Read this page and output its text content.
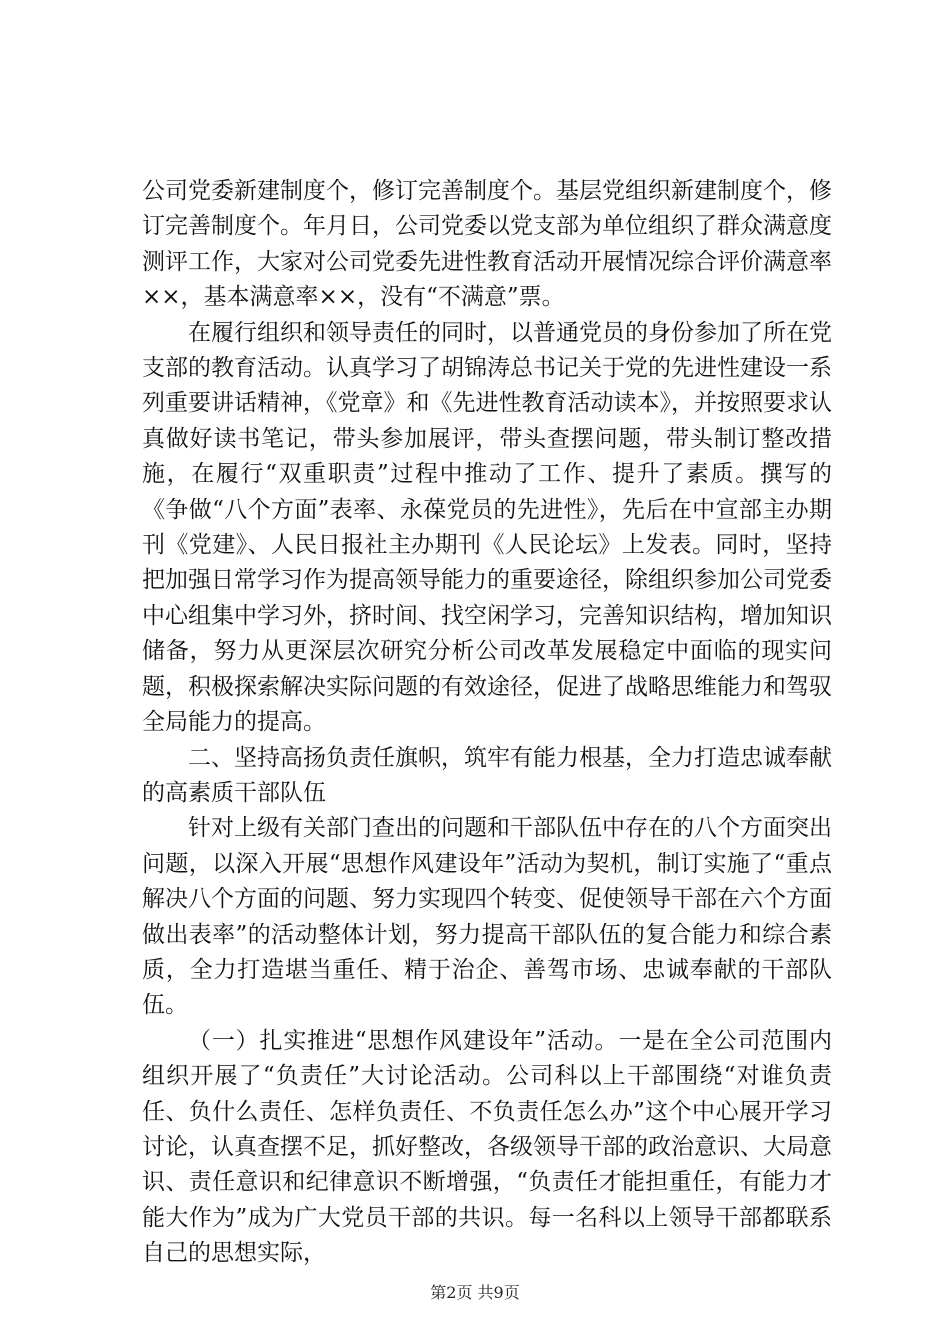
公司党委新建制度个，修订完善制度个。基层党组织新建制度个，修订完善制度个。年月日，公司党委以党支部为单位组织了群众满意度测评工作，大家对公司党委先进性教育活动开展情况综合评价满意率××，基本满意率××，没有“不满意”票。

在履行组织和领导责任的同时，以普通党员的身份参加了所在党支部的教育活动。认真学习了胡锦涛总书记关于党的先进性建设一系列重要讲话精神，《党章》和《先进性教育活动读本》，并按照要求认真做好读书笔记，带头参加展评，带头查摆问题，带头制订整改措施，在履行“双重职责”过程中推动了工作、提升了素质。撰写的《争做“八个方面”表率、永葆党员的先进性》，先后在中宣部主办期刊《党建》、人民日报社主办期刊《人民论坛》上发表。同时，坚持把加强日常学习作为提高领导能力的重要途径，除组织参加公司党委中心组集中学习外，挤时间、找空闲学习，完善知识结构，增加知识储备，努力从更深层次研究分析公司改革发展稳定中面临的现实问题，积极探索解决实际问题的有效途径，促进了战略思维能力和驾驭全局能力的提高。

二、坚持高扬负责任旗帜，筑牢有能力根基，全力打造忠诚奉献的高素质干部队伍

针对上级有关部门查出的问题和干部队伍中存在的八个方面突出问题，以深入开展“思想作风建设年”活动为契机，制订实施了“重点解决八个方面的问题、努力实现四个转变、促使领导干部在六个方面做出表率”的活动整体计划，努力提高干部队伍的复合能力和综合素质，全力打造堪当重任、精于治企、善驾市场、忠诚奉献的干部队伍。

（一）扎实推进“思想作风建设年”活动。一是在全公司范围内组织开展了“负责任”大讨论活动。公司科以上干部围绕“对谁负责任、负什么责任、怎样负责任、不负责任怎么办”这个中心展开学习讨论，认真查摆不足，抓好整改，各级领导干部的政治意识、大局意识、责任意识和纪律意识不断增强，“负责任才能担重任，有能力才能大作为”成为广大党员干部的共识。每一名科以上领导干部都联系自己的思想实际，

第2页 共9页
